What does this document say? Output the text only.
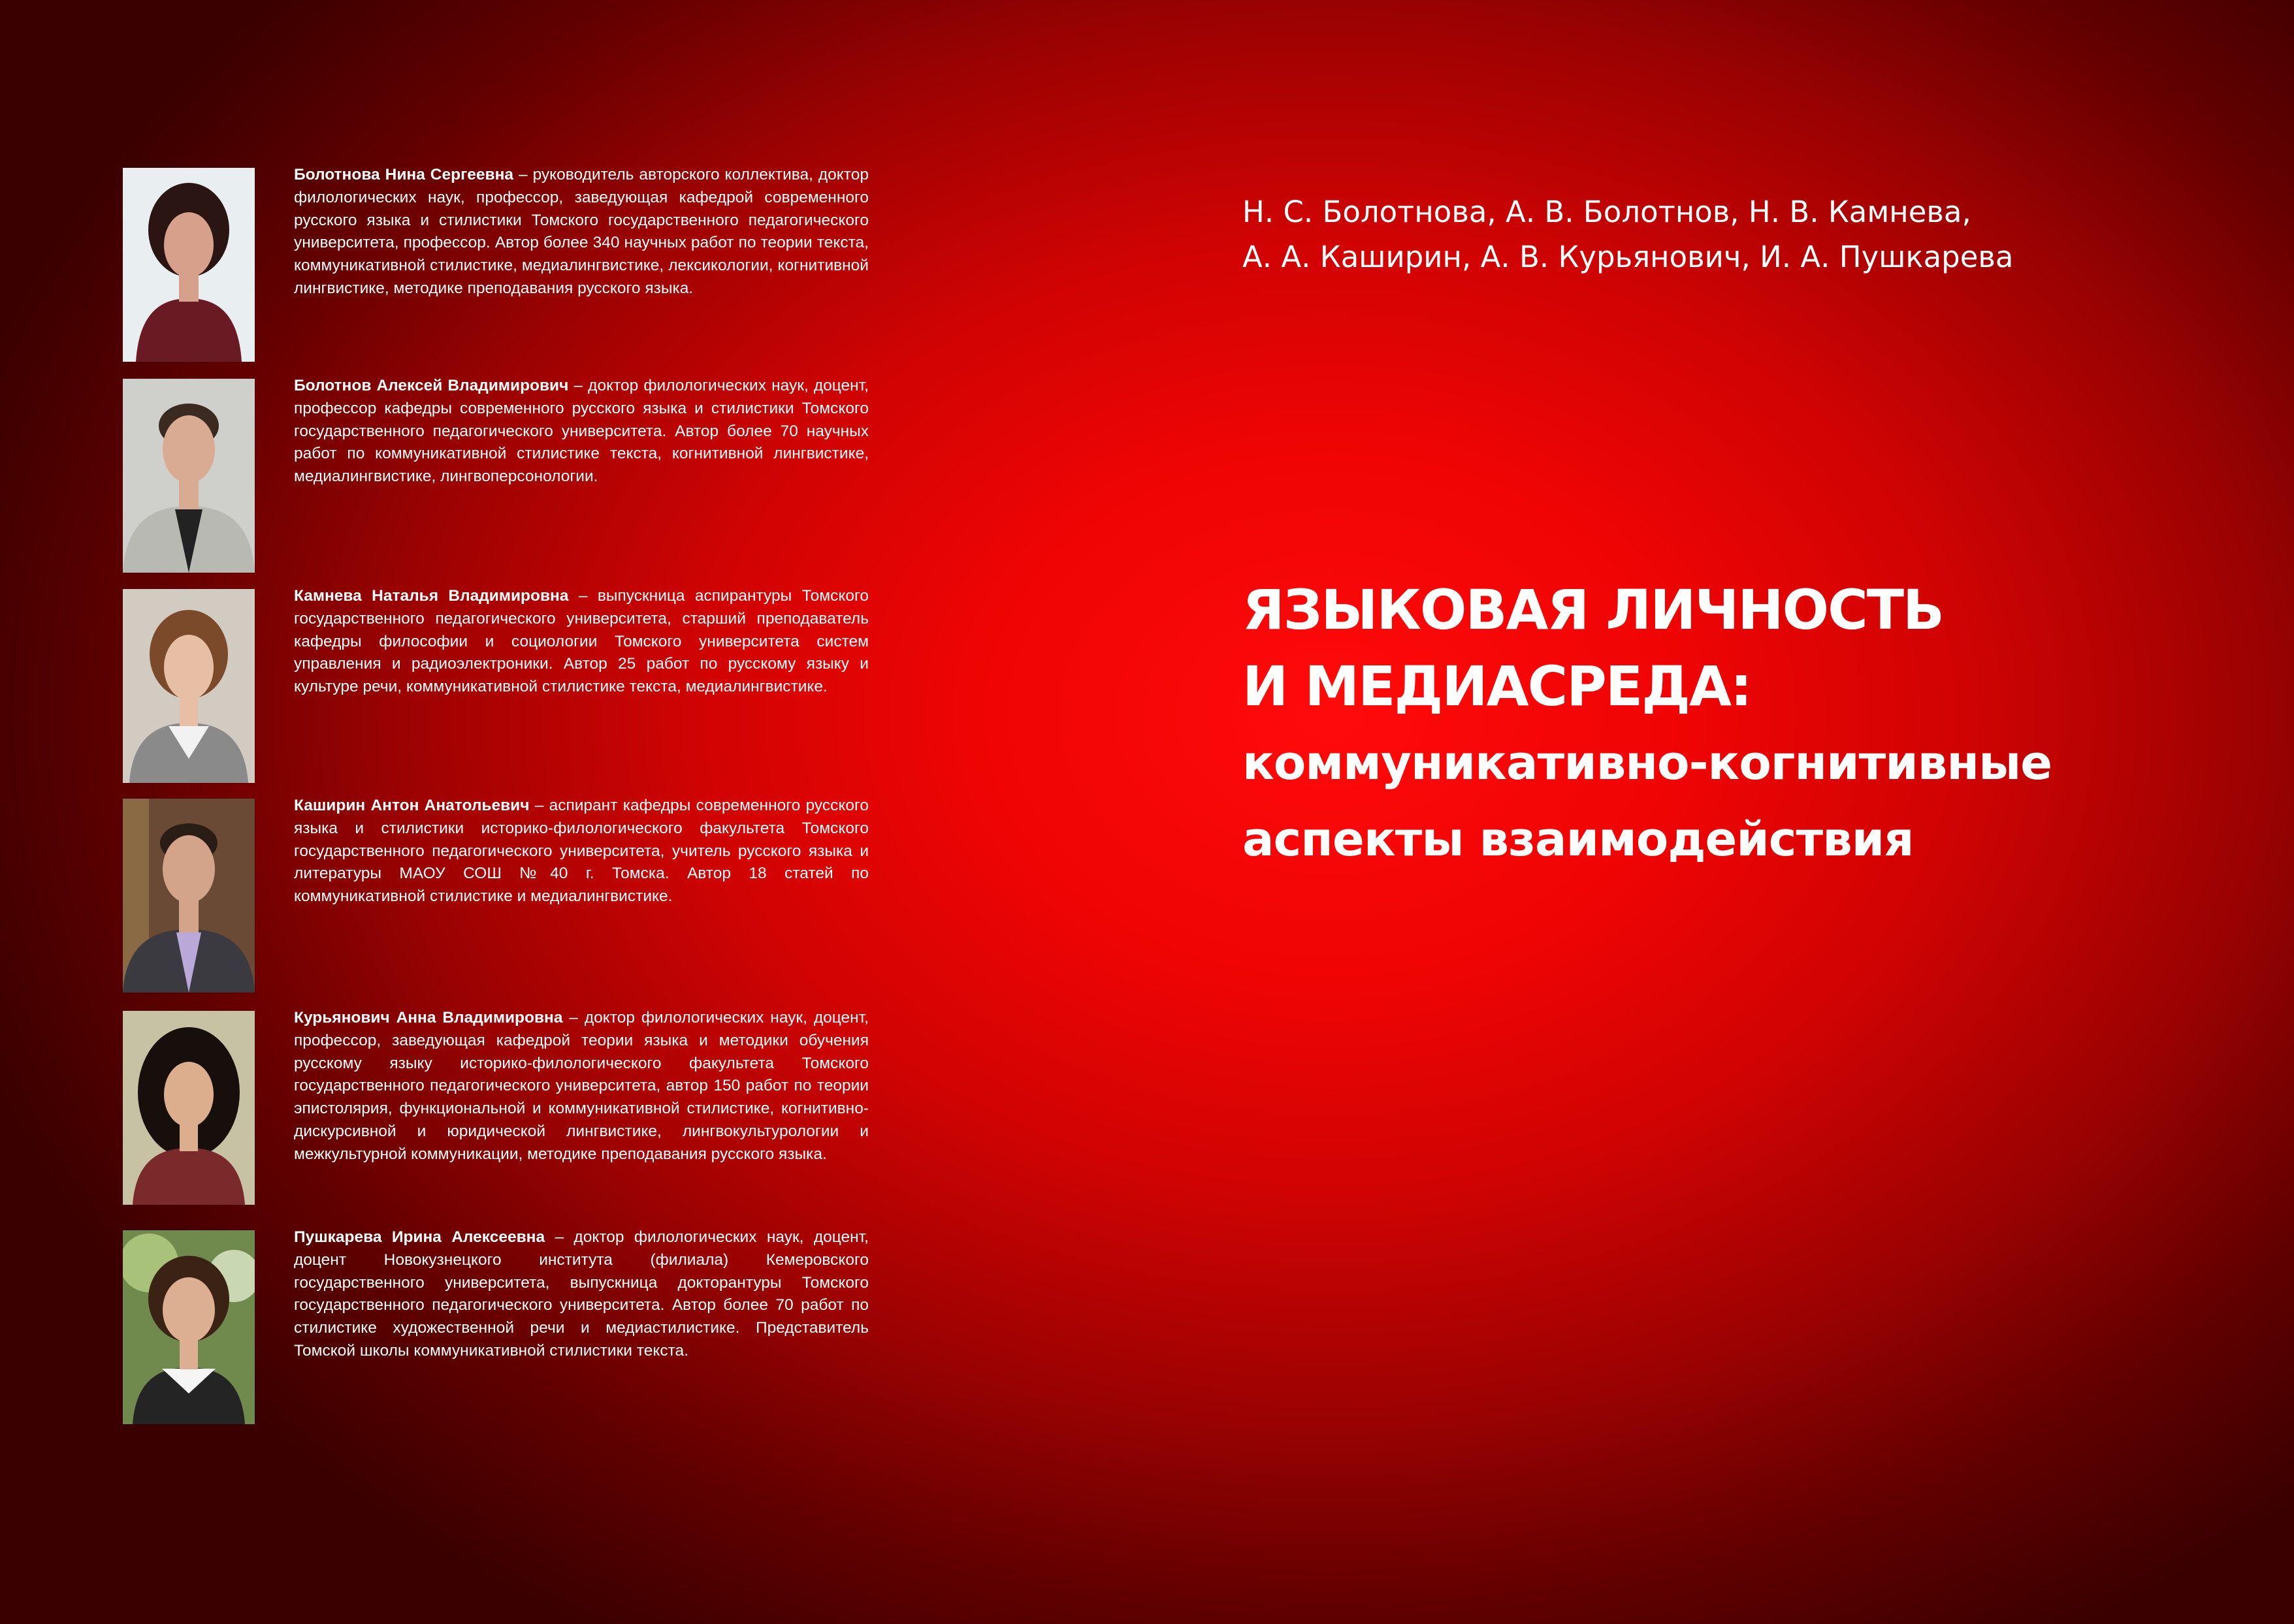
Болотнова Нина Сергеевна – руководитель авторского коллектива, доктор филологических наук, профессор, заведующая кафедрой современного русского языка и стилистики Томского государственного педагогического университета, профессор. Автор более 340 научных работ по теории текста, коммуникативной стилистике, медиалингвистике, лексикологии, когнитивной лингвистике, методике преподавания русского языка.

Болотнов Алексей Владимирович – доктор филологических наук, доцент, профессор кафедры современного русского языка и стилистики Томского государственного педагогического университета. Автор более 70 научных работ по коммуникативной стилистике текста, когнитивной лингвистике, медиалингвистике, лингвоперсонологии.

Камнева Наталья Владимировна – выпускница аспирантуры Томского государственного педагогического университета, старший преподаватель кафедры философии и социологии Томского университета систем управления и радиоэлектроники. Автор 25 работ по русскому языку и культуре речи, коммуникативной стилистике текста, медиалингвистике.

Каширин Антон Анатольевич – аспирант кафедры современного русского языка и стилистики историко-филологического факультета Томского государственного педагогического университета, учитель русского языка и литературы МАОУ СОШ №40 г. Томска. Автор 18 статей по коммуникативной стилистике и медиалингвистике.

Курьянович Анна Владимировна – доктор филологических наук, доцент, профессор, заведующая кафедрой теории языка и методики обучения русскому языку историко-филологического факультета Томского государственного педагогического университета, автор 150 работ по теории эпистолярия, функциональной и коммуникативной стилистике, когнитивно-дискурсивной и юридической лингвистике, лингвокультурологии и межкультурной коммуникации, методике преподавания русского языка.

Пушкарева Ирина Алексеевна – доктор филологических наук, доцент, доцент Новокузнецкого института (филиала) Кемеровского государственного университета, выпускница докторантуры Томского государственного педагогического университета. Автор более 70 работ по стилистике художественной речи и медиастилистике. Представитель Томской школы коммуникативной стилистики текста.

Н. С. Болотнова, А. В. Болотнов, Н. В. Камнева,
А. А. Каширин, А. В. Курьянович, И. А. Пушкарева
ЯЗЫКОВАЯ ЛИЧНОСТЬ
И МЕДИАСРЕДА:
коммуникативно-когнитивные
аспекты взаимодействия
